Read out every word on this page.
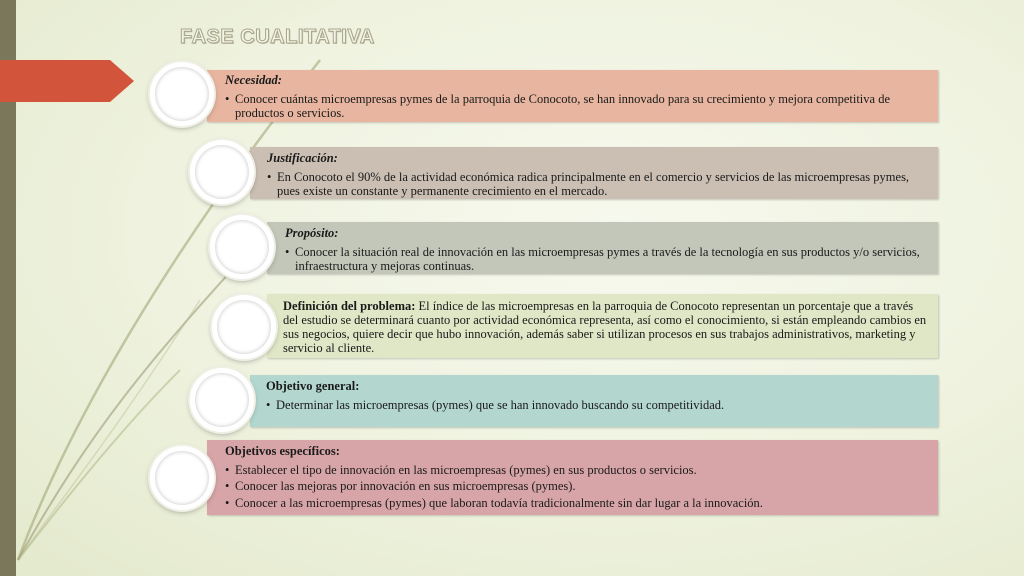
FASE CUALITATIVA
Necesidad:
• Conocer cuántas microempresas pymes de la parroquia de Conocoto, se han innovado para su crecimiento y mejora competitiva de productos o servicios.
Justificación:
• En Conocoto el 90% de la actividad económica radica principalmente en el comercio y servicios de las microempresas pymes, pues existe un constante y permanente crecimiento en el mercado.
Propósito:
• Conocer la situación real de innovación en las microempresas pymes a través de la tecnología en sus productos y/o servicios, infraestructura y mejoras continuas.

Definición del problema: El índice de las microempresas en la parroquia de Conocoto representan un porcentaje que a través del estudio se determinará cuanto por actividad económica representa, así como el conocimiento, si están empleando cambios en sus negocios, quiere decir que hubo innovación, además saber si utilizan procesos en sus trabajos administrativos, marketing y servicio al cliente.

Objetivo general:
• Determinar las microempresas (pymes) que se han innovado buscando su competitividad.
Objetivos específicos:
• Establecer el tipo de innovación en las microempresas (pymes) en sus productos o servicios.
• Conocer las mejoras por innovación en sus microempresas (pymes).
• Conocer a las microempresas (pymes) que laboran todavía tradicionalmente sin dar lugar a la innovación.
